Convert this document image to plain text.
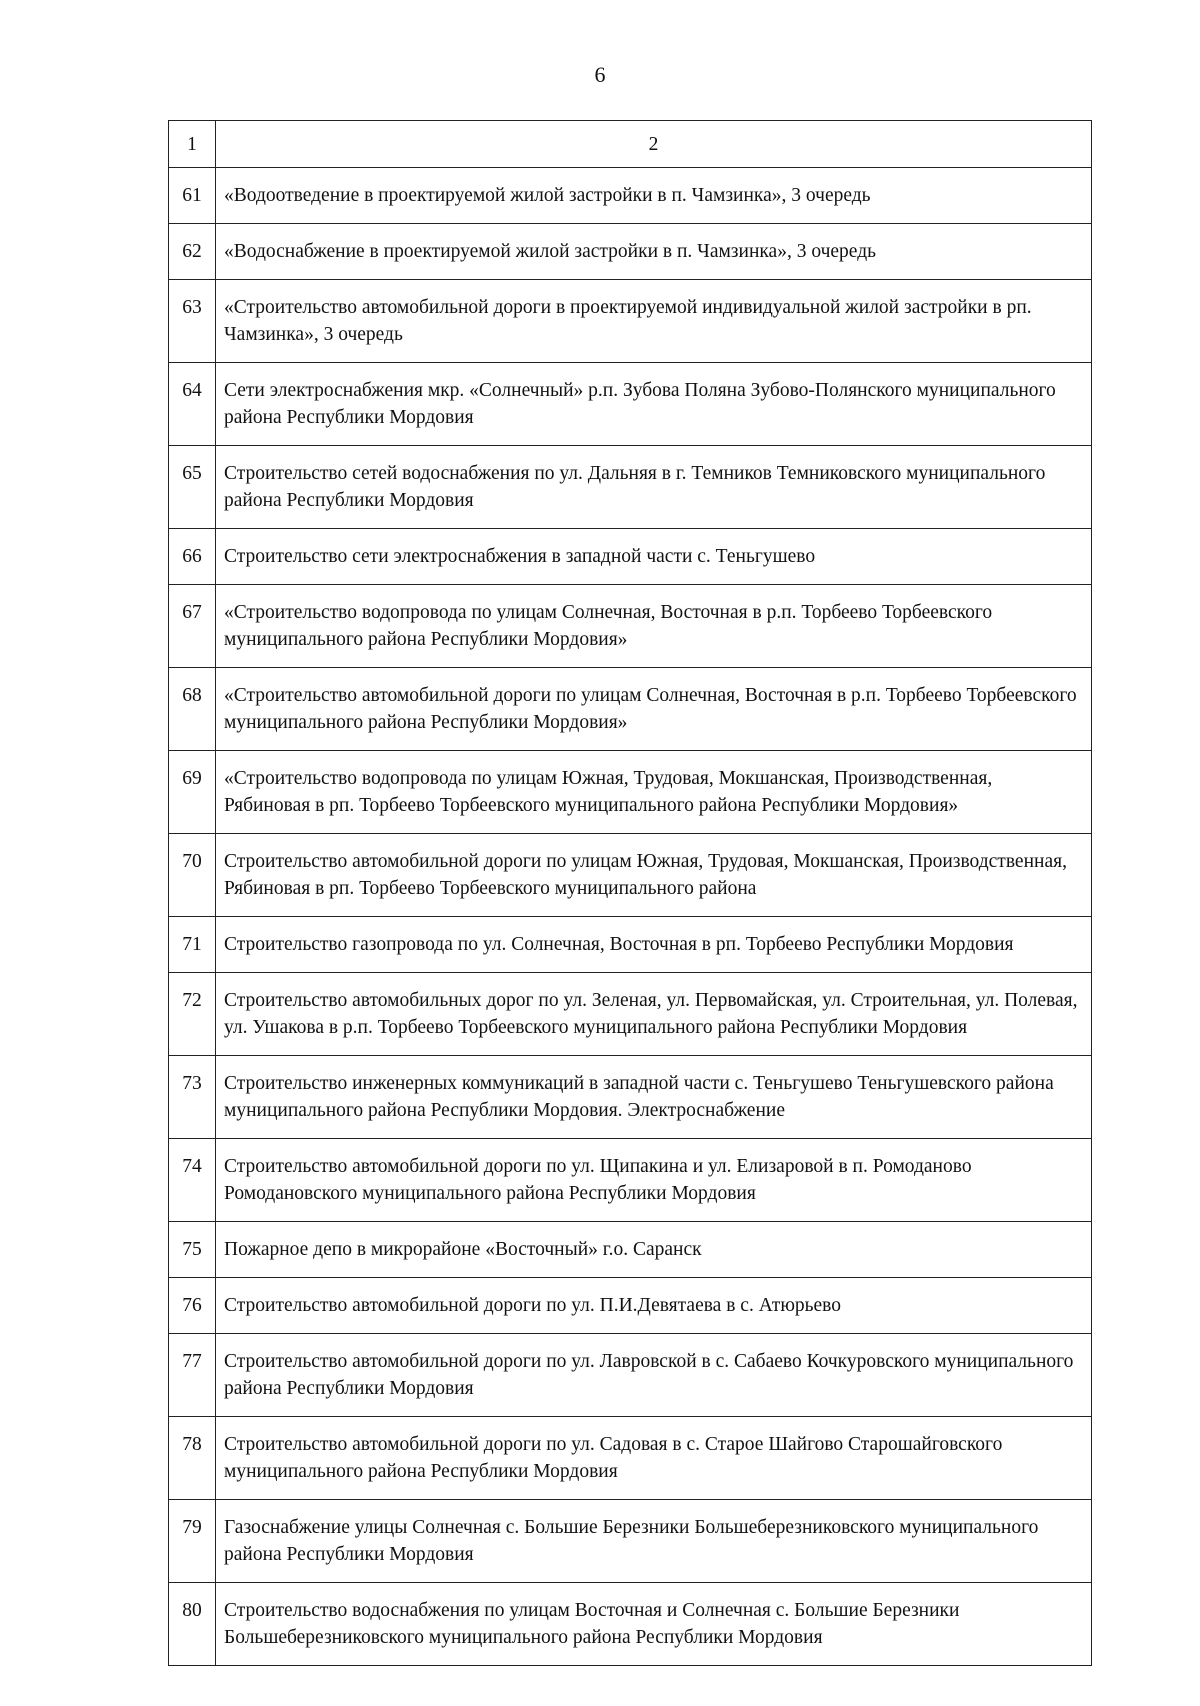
6
1	2
61	«Водоотведение в проектируемой жилой застройки в п. Чамзинка», 3 очередь
62	«Водоснабжение в проектируемой жилой застройки в п. Чамзинка», 3 очередь
63	«Строительство автомобильной дороги в проектируемой индивидуальной жилой застройки в рп. Чамзинка», 3 очередь
64	Сети электроснабжения мкр. «Солнечный» р.п. Зубова Поляна Зубово-Полянского муниципального района Республики Мордовия
65	Строительство сетей водоснабжения по ул. Дальняя в г. Темников Темниковского муниципального района Республики Мордовия
66	Строительство сети электроснабжения в западной части с. Теньгушево
67	«Строительство водопровода по улицам Солнечная, Восточная в р.п. Торбеево Торбеевского муниципального района Республики Мордовия»
68	«Строительство автомобильной дороги по улицам Солнечная, Восточная в р.п. Торбеево Торбеевского муниципального района Республики Мордовия»
69	«Строительство водопровода по улицам Южная, Трудовая, Мокшанская, Производственная, Рябиновая в рп. Торбеево Торбеевского муниципального района Республики Мордовия»
70	Строительство автомобильной дороги по улицам Южная, Трудовая, Мокшанская, Производственная, Рябиновая в рп. Торбеево Торбеевского муниципального района
71	Строительство газопровода по ул. Солнечная, Восточная в рп. Торбеево Республики Мордовия
72	Строительство автомобильных дорог по ул. Зеленая, ул. Первомайская, ул. Строительная, ул. Полевая, ул. Ушакова в р.п. Торбеево Торбеевского муниципального района Республики Мордовия
73	Строительство инженерных коммуникаций в западной части с. Теньгушево Теньгушевского района муниципального района Республики Мордовия. Электроснабжение
74	Строительство автомобильной дороги по ул. Щипакина и ул. Елизаровой в п. Ромоданово Ромодановского муниципального района Республики Мордовия
75	Пожарное депо в микрорайоне «Восточный» г.о. Саранск
76	Строительство автомобильной дороги по ул. П.И.Девятаева в с. Атюрьево
77	Строительство автомобильной дороги по ул. Лавровской в с. Сабаево Кочкуровского муниципального района Республики Мордовия
78	Строительство автомобильной дороги по ул. Садовая в с. Старое Шайгово Старошайговского муниципального района Республики Мордовия
79	Газоснабжение улицы Солнечная с. Большие Березники Большеберезниковского муниципального района Республики Мордовия
80	Строительство водоснабжения по улицам Восточная и Солнечная с. Большие Березники Большеберезниковского муниципального района Республики Мордовия
